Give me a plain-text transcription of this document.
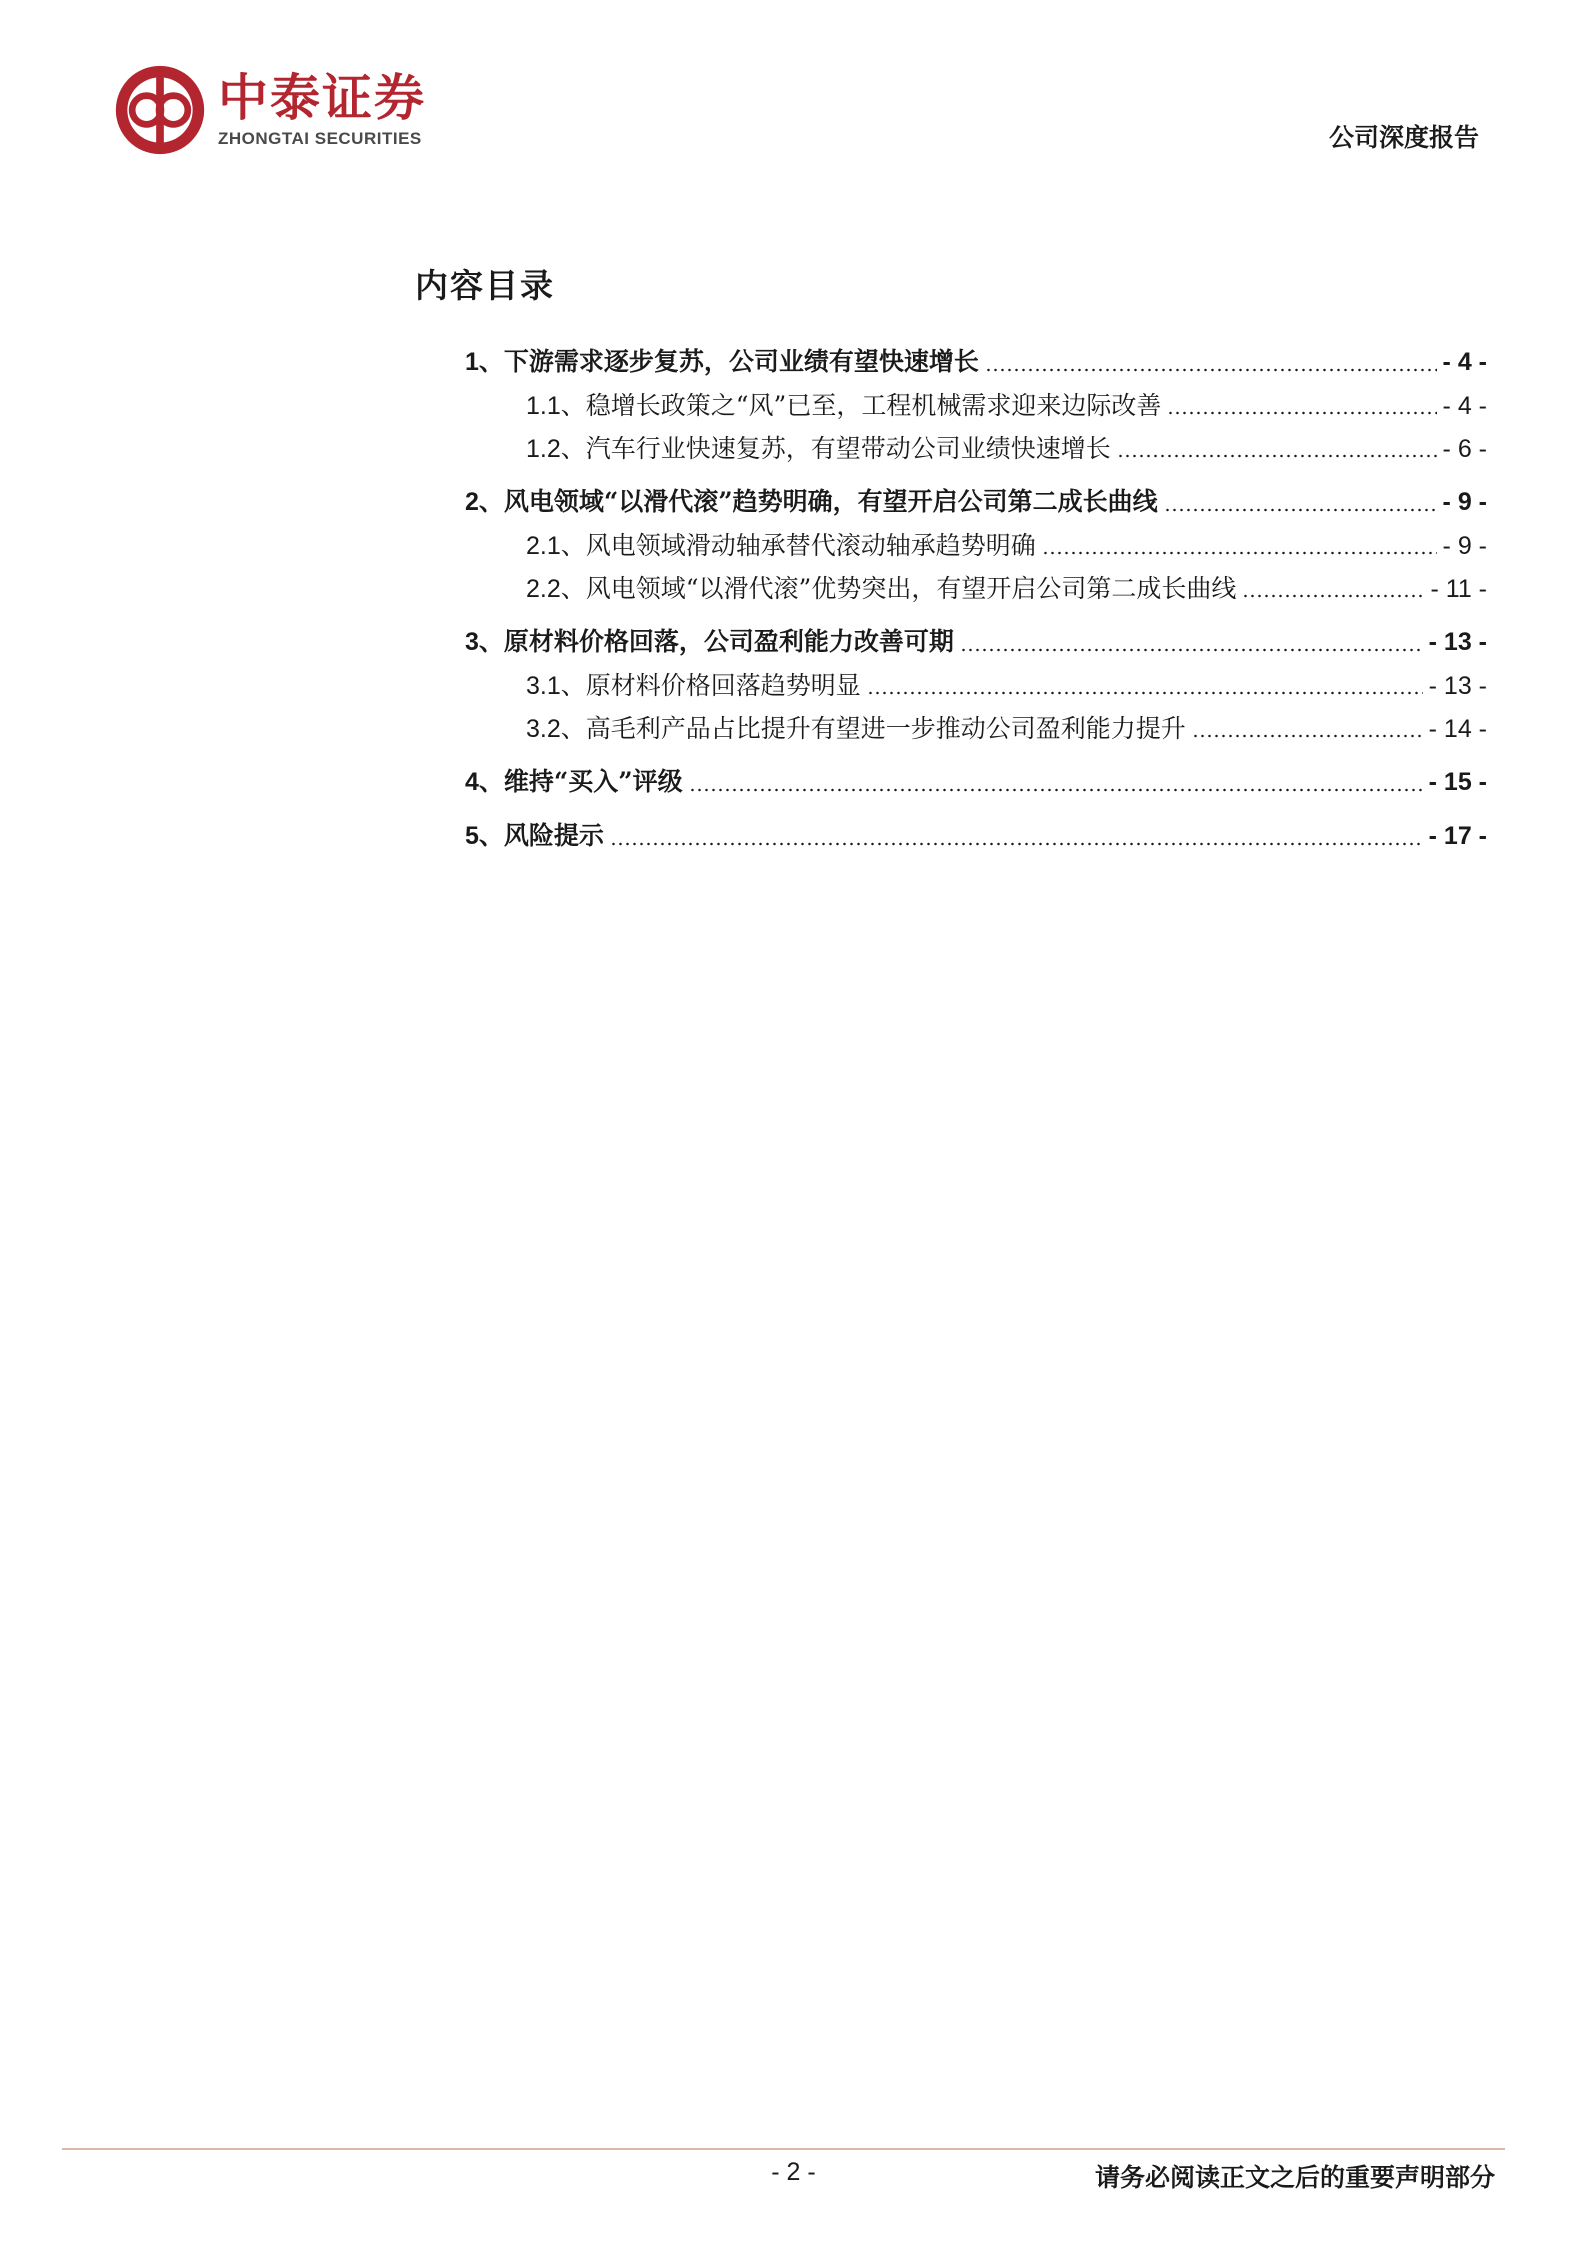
中泰证券
ZHONGTAI SECURITIES	公司深度报告
内容目录
1、 下游需求逐步复苏，公司业绩有望快速增长	- 4 -
1.1、 稳增长政策之“风”已至，工程机械需求迎来边际改善	- 4 -
1.2、 汽车行业快速复苏，有望带动公司业绩快速增长	- 6 -
2、 风电领域“以滑代滚”趋势明确，有望开启公司第二成长曲线	- 9 -
2.1、 风电领域滑动轴承替代滚动轴承趋势明确	- 9 -
2.2、 风电领域“以滑代滚”优势突出，有望开启公司第二成长曲线	- 11 -
3、 原材料价格回落，公司盈利能力改善可期	- 13 -
3.1、 原材料价格回落趋势明显	- 13 -
3.2、 高毛利产品占比提升有望进一步推动公司盈利能力提升	- 14 -
4、 维持“买入”评级	- 15 -
5、 风险提示	- 17 -
- 2 -	请务必阅读正文之后的重要声明部分
